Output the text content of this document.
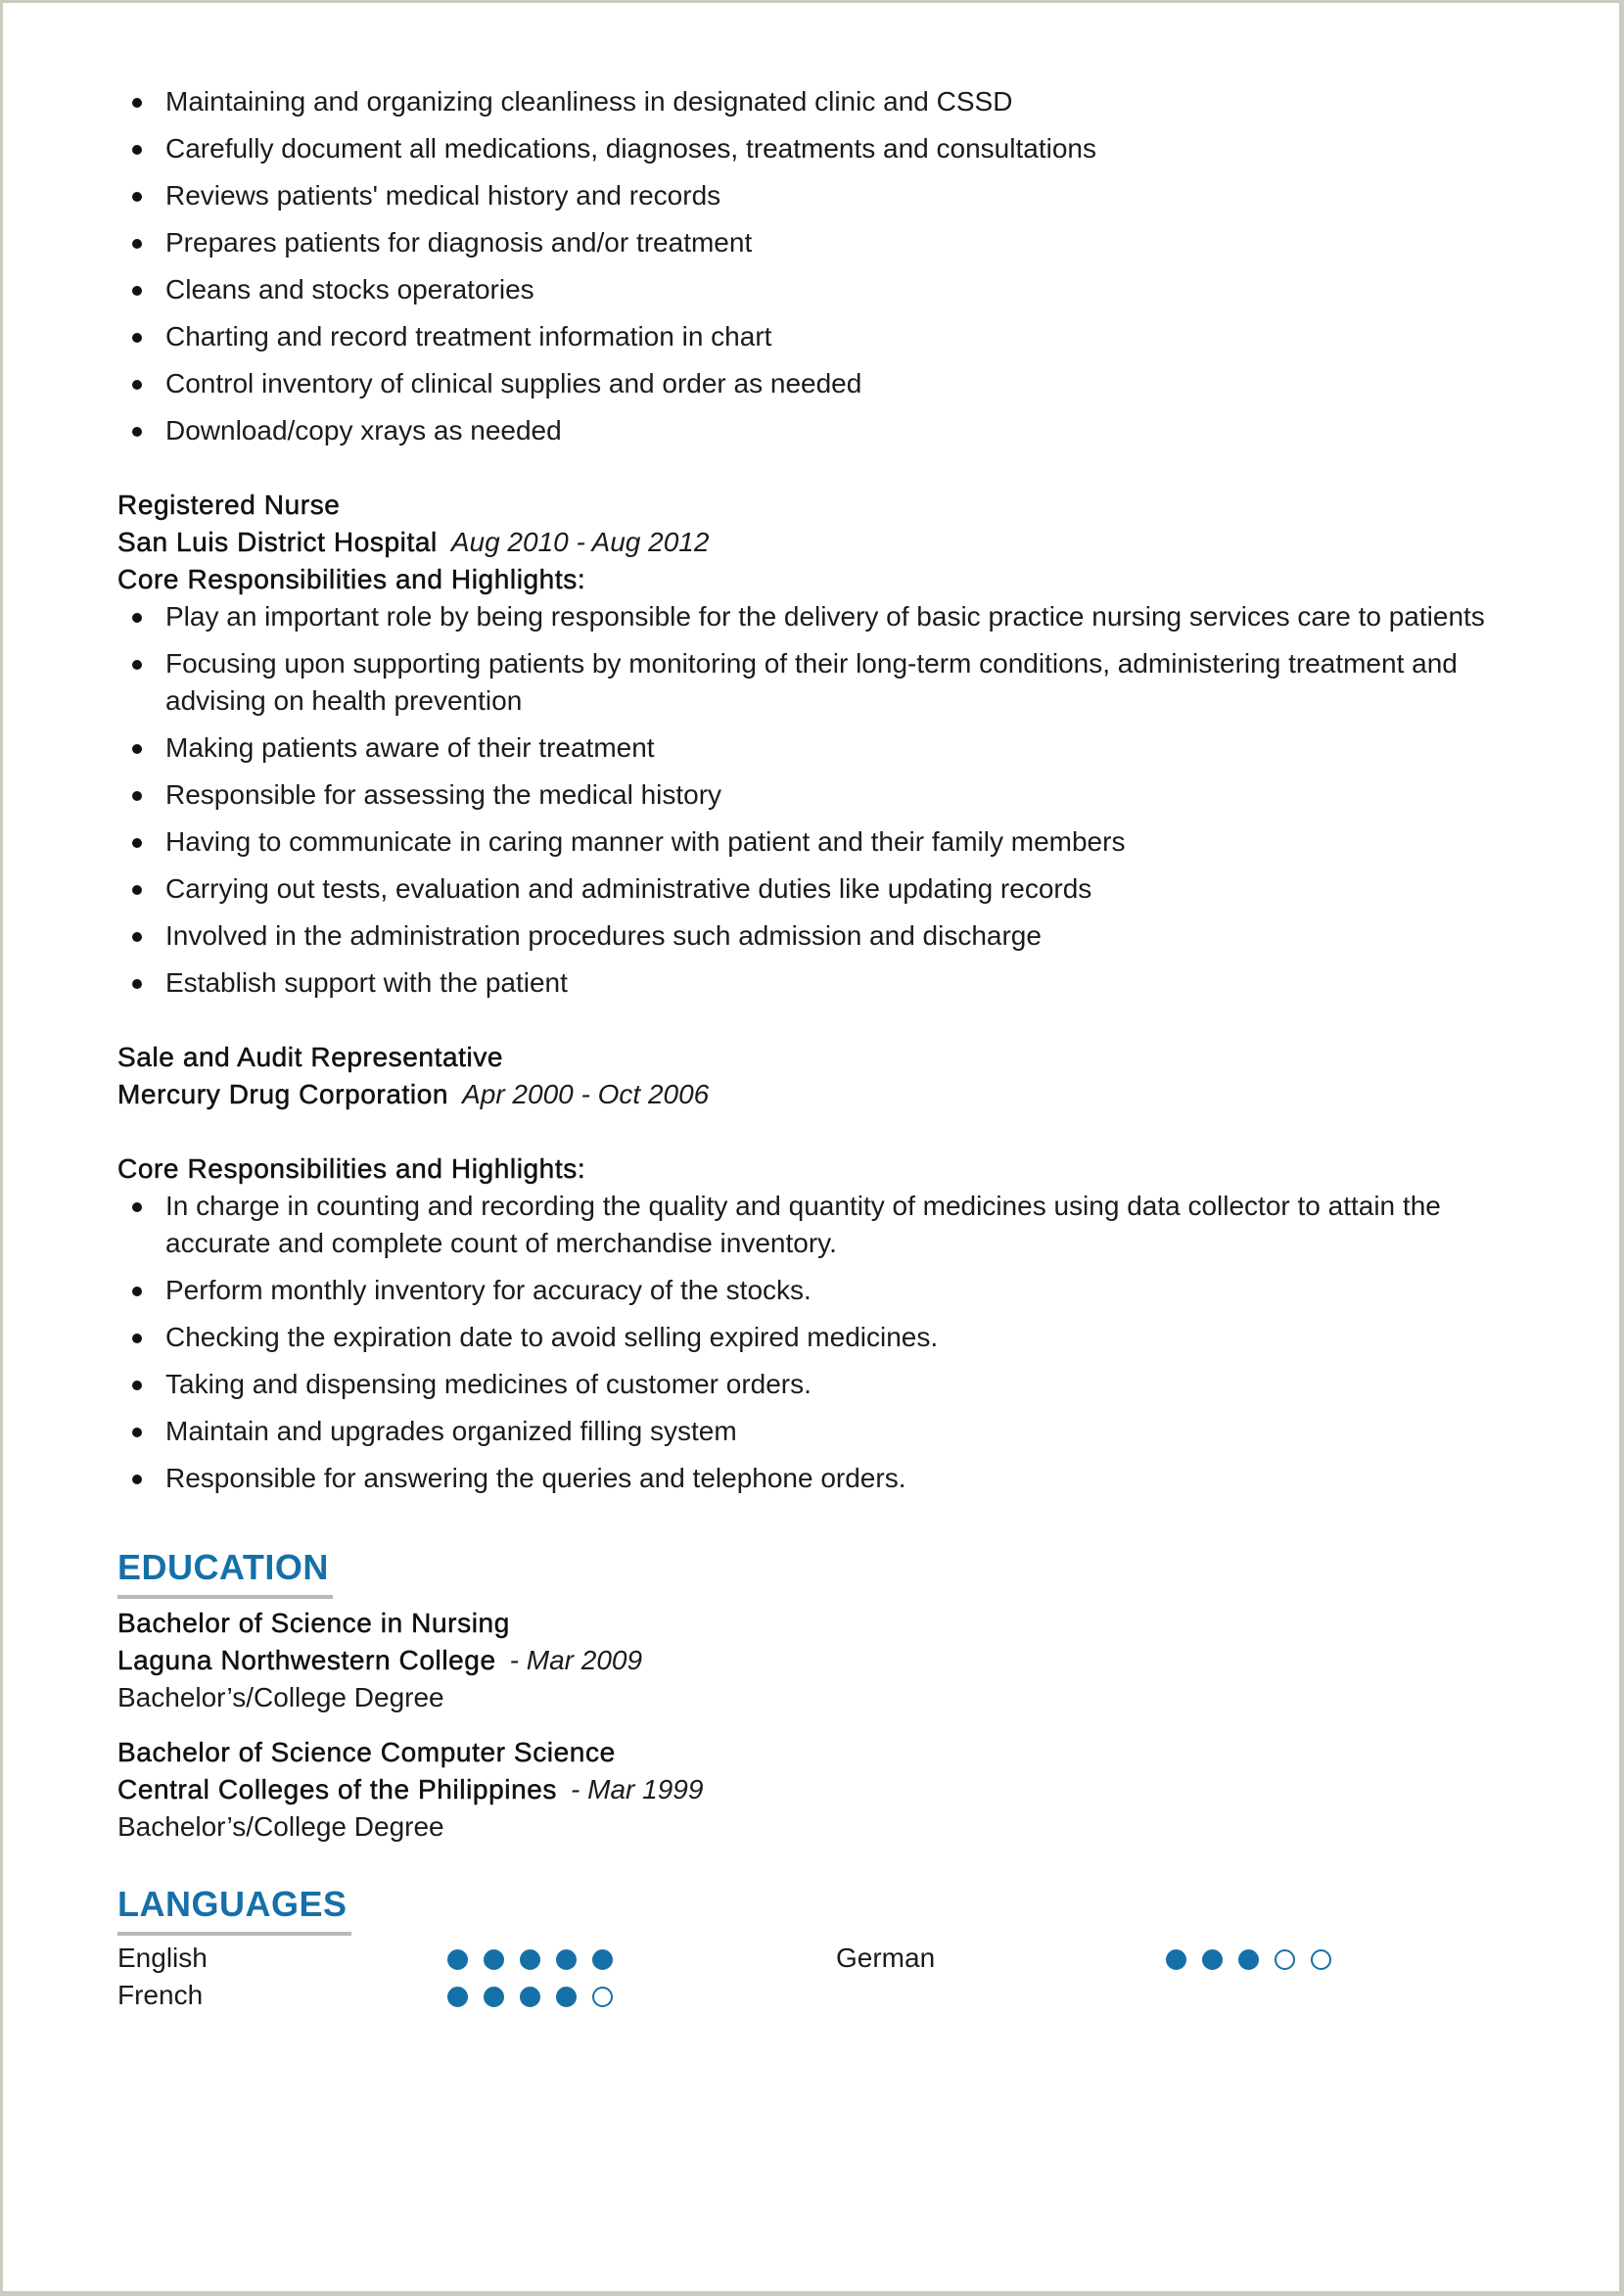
Maintaining and organizing cleanliness in designated clinic and CSSD
Carefully document all medications, diagnoses, treatments and consultations
Reviews patients' medical history and records
Prepares patients for diagnosis and/or treatment
Cleans and stocks operatories
Charting and record treatment information in chart
Control inventory of clinical supplies and order as needed
Download/copy xrays as needed
Registered Nurse
San Luis District Hospital Aug 2010 - Aug 2012
Core Responsibilities and Highlights:
Play an important role by being responsible for the delivery of basic practice nursing services care to patients
Focusing upon supporting patients by monitoring of their long-term conditions, administering treatment and advising on health prevention
Making patients aware of their treatment
Responsible for assessing the medical history
Having to communicate in caring manner with patient and their family members
Carrying out tests, evaluation and administrative duties like updating records
Involved in the administration procedures such admission and discharge
Establish support with the patient
Sale and Audit Representative
Mercury Drug Corporation Apr 2000 - Oct 2006
Core Responsibilities and Highlights:
In charge in counting and recording the quality and quantity of medicines using data collector to attain the accurate and complete count of merchandise inventory.
Perform monthly inventory for accuracy of the stocks.
Checking the expiration date to avoid selling expired medicines.
Taking and dispensing medicines of customer orders.
Maintain and upgrades organized filling system
Responsible for answering the queries and telephone orders.
EDUCATION
Bachelor of Science in Nursing
Laguna Northwestern College - Mar 2009
Bachelor’s/College Degree
Bachelor of Science Computer Science
Central Colleges of the Philippines - Mar 1999
Bachelor’s/College Degree
LANGUAGES
English	German
French
